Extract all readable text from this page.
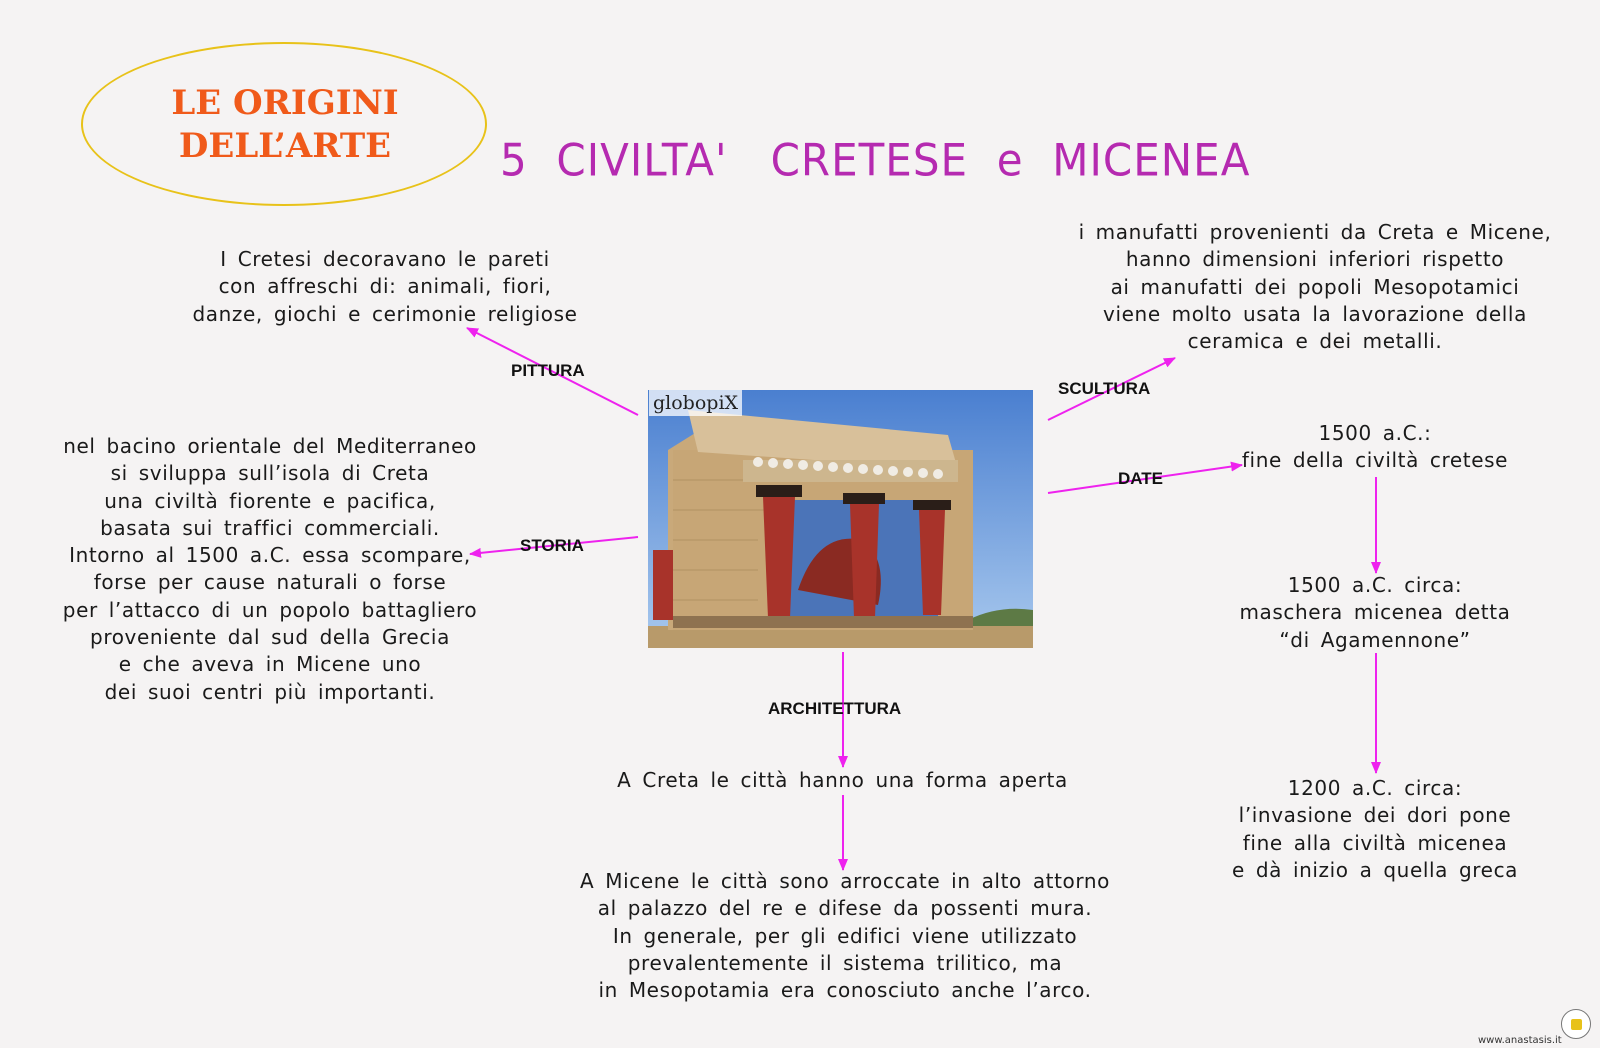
LE ORIGINI
DELL’ARTE	5  CIVILTA'   CRETESE  e  MICENEA
globopiX
PITTURA
SCULTURA
DATE
STORIA
ARCHITETTURA
I Cretesi decoravano le pareti
con affreschi di: animali, fiori,
danze, giochi e cerimonie religiose
i manufatti provenienti da Creta e Micene,
hanno dimensioni inferiori rispetto
ai manufatti dei popoli Mesopotamici
viene molto usata la lavorazione della
ceramica e dei metalli.
nel bacino orientale del Mediterraneo
si sviluppa sull’isola di Creta
una civiltà fiorente e pacifica,
basata sui traffici commerciali.
Intorno al 1500 a.C. essa scompare,
forse per cause naturali o forse
per l’attacco di un popolo battagliero
proveniente dal sud della Grecia
e che aveva in Micene uno
dei suoi centri più importanti.
1500 a.C.:
fine della civiltà cretese
1500 a.C. circa:
maschera micenea detta
“di Agamennone”
1200 a.C. circa:
l’invasione dei dori pone
fine alla civiltà micenea
e dà inizio a quella greca
A Creta le città hanno una forma aperta
A Micene le città sono arroccate in alto attorno
al palazzo del re e difese da possenti mura.
In generale, per gli edifici viene utilizzato
prevalentemente il sistema trilitico, ma
in Mesopotamia era conosciuto anche l’arco.
www.anastasis.it
